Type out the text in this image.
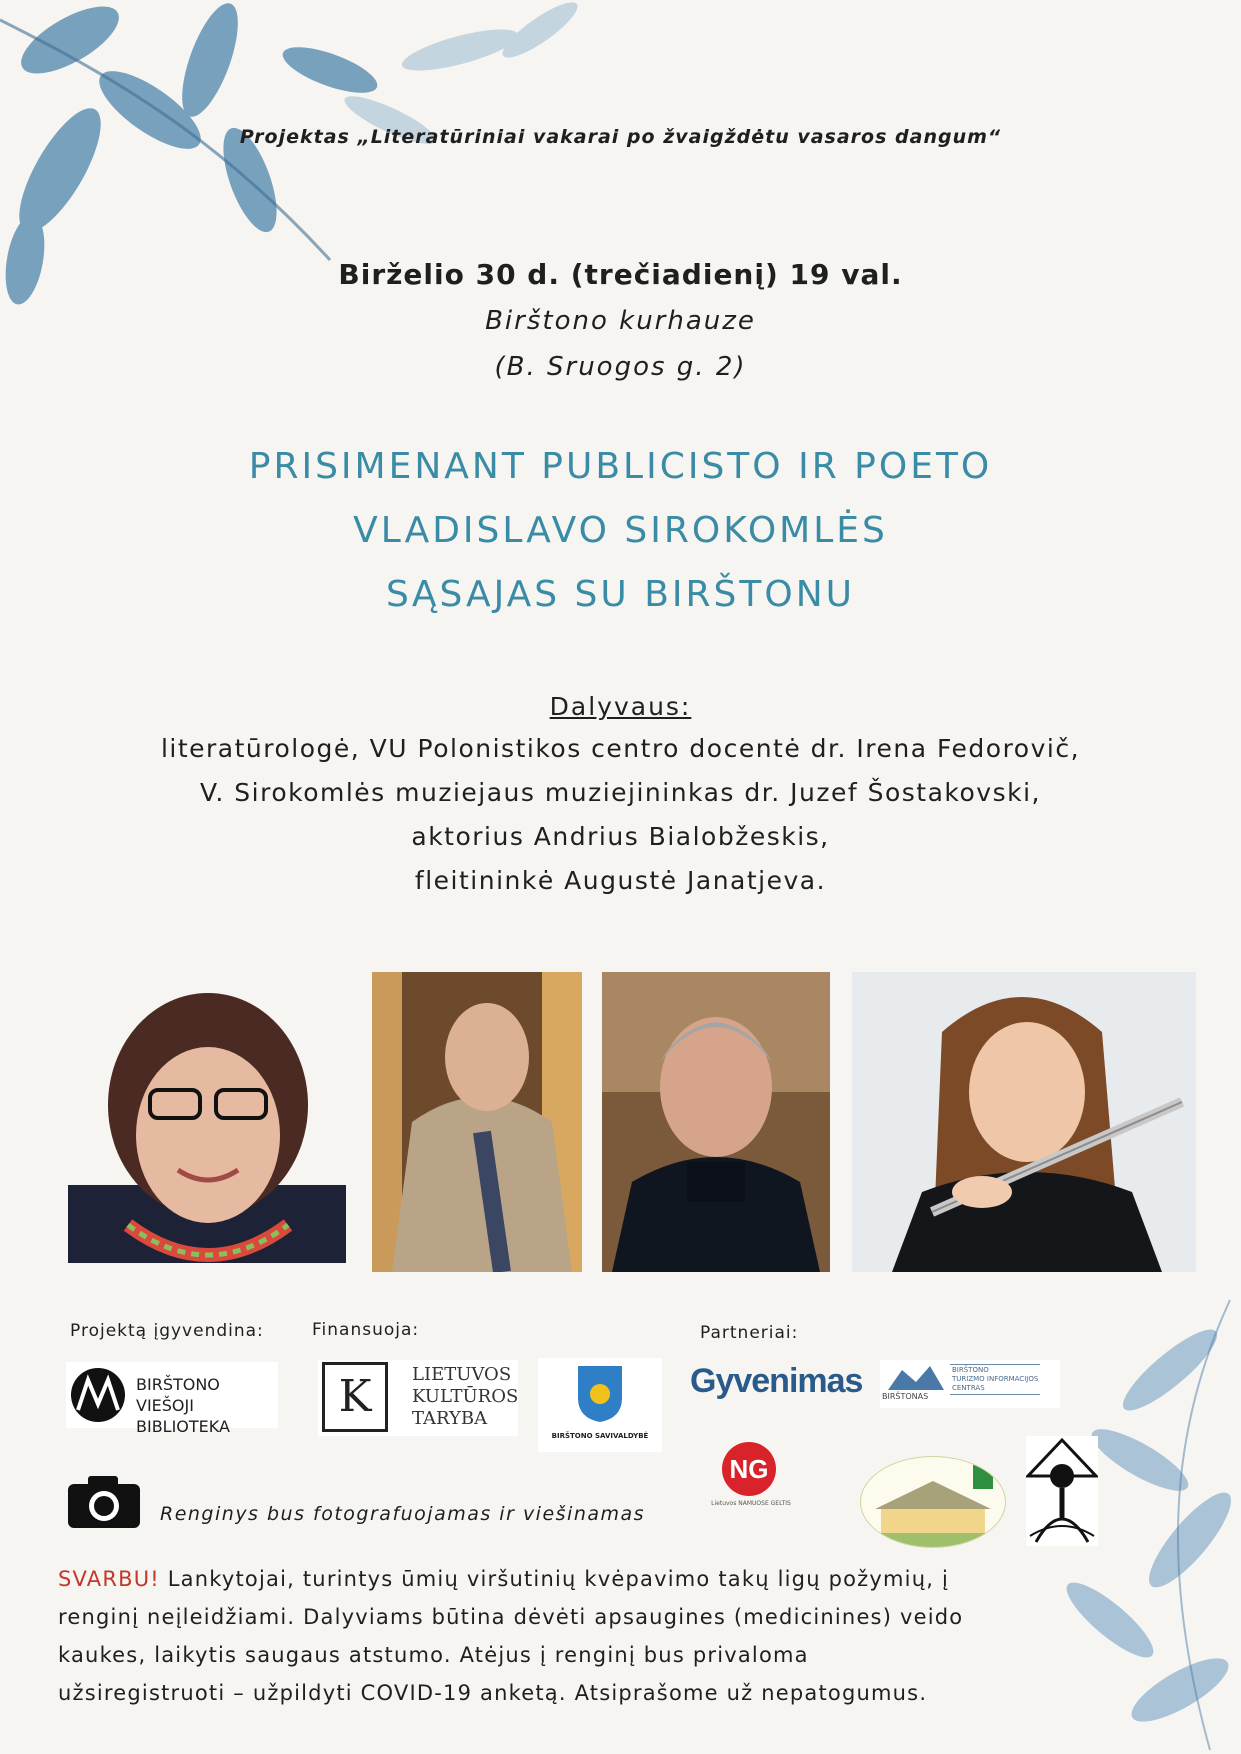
Projektas „Literatūriniai vakarai po žvaigždėtu vasaros dangum“
Birželio 30 d. (trečiadienį) 19 val.
Birštono kurhauze
(B. Sruogos g. 2)
PRISIMENANT PUBLICISTO IR POETO
VLADISLAVO SIROKOMLĖS
SĄSAJAS SU BIRŠTONU
Dalyvaus:
literatūrologė, VU Polonistikos centro docentė dr. Irena Fedorovič,
V. Sirokomlės muziejaus muziejininkas dr. Juzef Šostakovski,
aktorius Andrius Bialobžeskis,
fleitininkė Augustė Janatjeva.
Projektą įgyvendina:	Finansuoja:	Partneriai:
BIRŠTONO
VIEŠOJI BIBLIOTEKA
K	LIETUVOS
KULTŪROS
TARYBA
BIRŠTONO SAVIVALDYBĖ
Gyvenimas BIRŠTONAS
BIRŠTONO
TURIZMO INFORMACIJOS
CENTRAS
NG
Lietuvos NAMUOSE GELTIS
Renginys bus fotografuojamas ir viešinamas
SVARBU! Lankytojai, turintys ūmių viršutinių kvėpavimo takų ligų požymių, į
renginį neįleidžiami. Dalyviams būtina dėvėti apsaugines (medicinines) veido
kaukes, laikytis saugaus atstumo. Atėjus į renginį bus privaloma
užsiregistruoti – užpildyti COVID-19 anketą. Atsiprašome už nepatogumus.
